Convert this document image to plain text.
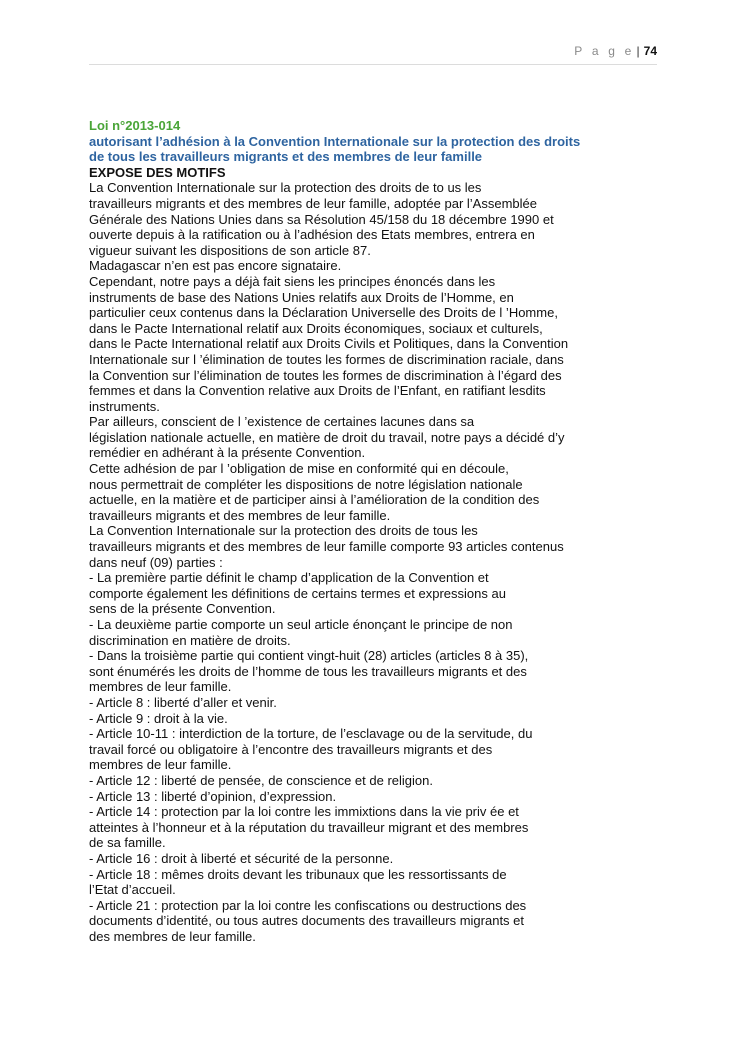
P a g e | 74
Loi n°2013-014
autorisant l’adhésion à la Convention Internationale sur la protection des droits
de tous les travailleurs migrants et des membres de leur famille
EXPOSE DES MOTIFS
La Convention Internationale sur la protection des droits de to us les
travailleurs migrants et des membres de leur famille, adoptée par l’Assemblée
Générale des Nations Unies dans sa Résolution 45/158 du 18 décembre 1990 et
ouverte depuis à la ratification ou à l’adhésion des Etats membres, entrera en
vigueur suivant les dispositions de son article 87.
Madagascar n’en est pas encore signataire.
Cependant, notre pays a déjà fait siens les principes énoncés dans les
instruments de base des Nations Unies relatifs aux Droits de l’Homme, en
particulier ceux contenus dans la Déclaration Universelle des Droits de l ’Homme,
dans le Pacte International relatif aux Droits économiques, sociaux et culturels,
dans le Pacte International relatif aux Droits Civils et Politiques, dans la Convention
Internationale sur l ’élimination de toutes les formes de discrimination raciale, dans
la Convention sur l’élimination de toutes les formes de discrimination à l’égard des
femmes et dans la Convention relative aux Droits de l’Enfant, en ratifiant lesdits
instruments.
Par ailleurs, conscient de l ’existence de certaines lacunes dans sa
législation nationale actuelle, en matière de droit du travail, notre pays a décidé d’y
remédier en adhérant à la présente Convention.
Cette adhésion de par l ’obligation de mise en conformité qui en découle,
nous permettrait de compléter les dispositions de notre législation nationale
actuelle, en la matière et de participer ainsi à l’amélioration de la condition des
travailleurs migrants et des membres de leur famille.
La Convention Internationale sur la protection des droits de tous les
travailleurs migrants et des membres de leur famille comporte 93 articles contenus
dans neuf (09) parties :
- La première partie définit le champ d’application de la Convention et
comporte également les définitions de certains termes et expressions au
sens de la présente Convention.
- La deuxième partie comporte un seul article énonçant le principe de non
discrimination en matière de droits.
- Dans la troisième partie qui contient vingt-huit (28) articles (articles 8 à 35),
sont énumérés les droits de l’homme de tous les travailleurs migrants et des
membres de leur famille.
- Article 8 : liberté d’aller et venir.
- Article 9 : droit à la vie.
- Article 10-11 : interdiction de la torture, de l’esclavage ou de la servitude, du
travail forcé ou obligatoire à l’encontre des travailleurs migrants et des
membres de leur famille.
- Article 12 : liberté de pensée, de conscience et de religion.
- Article 13 : liberté d’opinion, d’expression.
- Article 14 : protection par la loi contre les immixtions dans la vie priv ée et
atteintes à l’honneur et à la réputation du travailleur migrant et des membres
de sa famille.
- Article 16 : droit à liberté et sécurité de la personne.
- Article 18 : mêmes droits devant les tribunaux que les ressortissants de
l’Etat d’accueil.
- Article 21 : protection par la loi contre les confiscations ou destructions des
documents d’identité, ou tous autres documents des travailleurs migrants et
des membres de leur famille.
